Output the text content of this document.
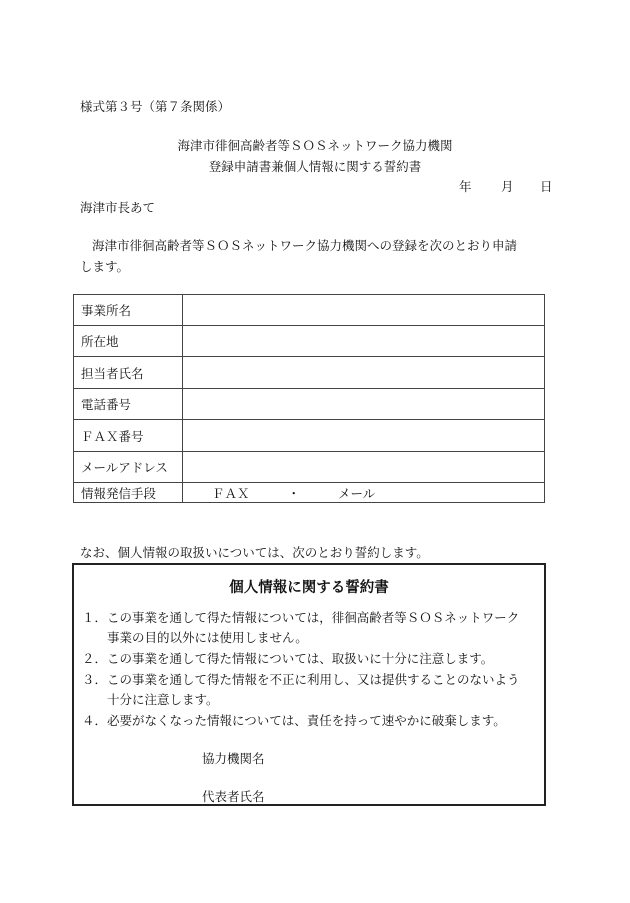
様式第３号（第７条関係）
海津市徘徊高齢者等ＳＯＳネットワーク協力機関
登録申請書兼個人情報に関する誓約書
年 月 日
海津市長あて
海津市徘徊高齢者等ＳＯＳネットワーク協力機関への登録を次のとおり申請
します。
事業所名	
所在地	
担当者氏名	
電話番号	
ＦＡＸ番号	
メールアドレス	
情報発信手段	ＦＡＸ ・ メール
なお、個人情報の取扱いについては、次のとおり誓約します。
個人情報に関する誓約書
１．この事業を通して得た情報については，徘徊高齢者等ＳＯＳネットワーク
事業の目的以外には使用しません。
２．この事業を通して得た情報については、取扱いに十分に注意します。
３．この事業を通して得た情報を不正に利用し、又は提供することのないよう
十分に注意します。
４．必要がなくなった情報については、責任を持って速やかに破棄します。
協力機関名
代表者氏名
